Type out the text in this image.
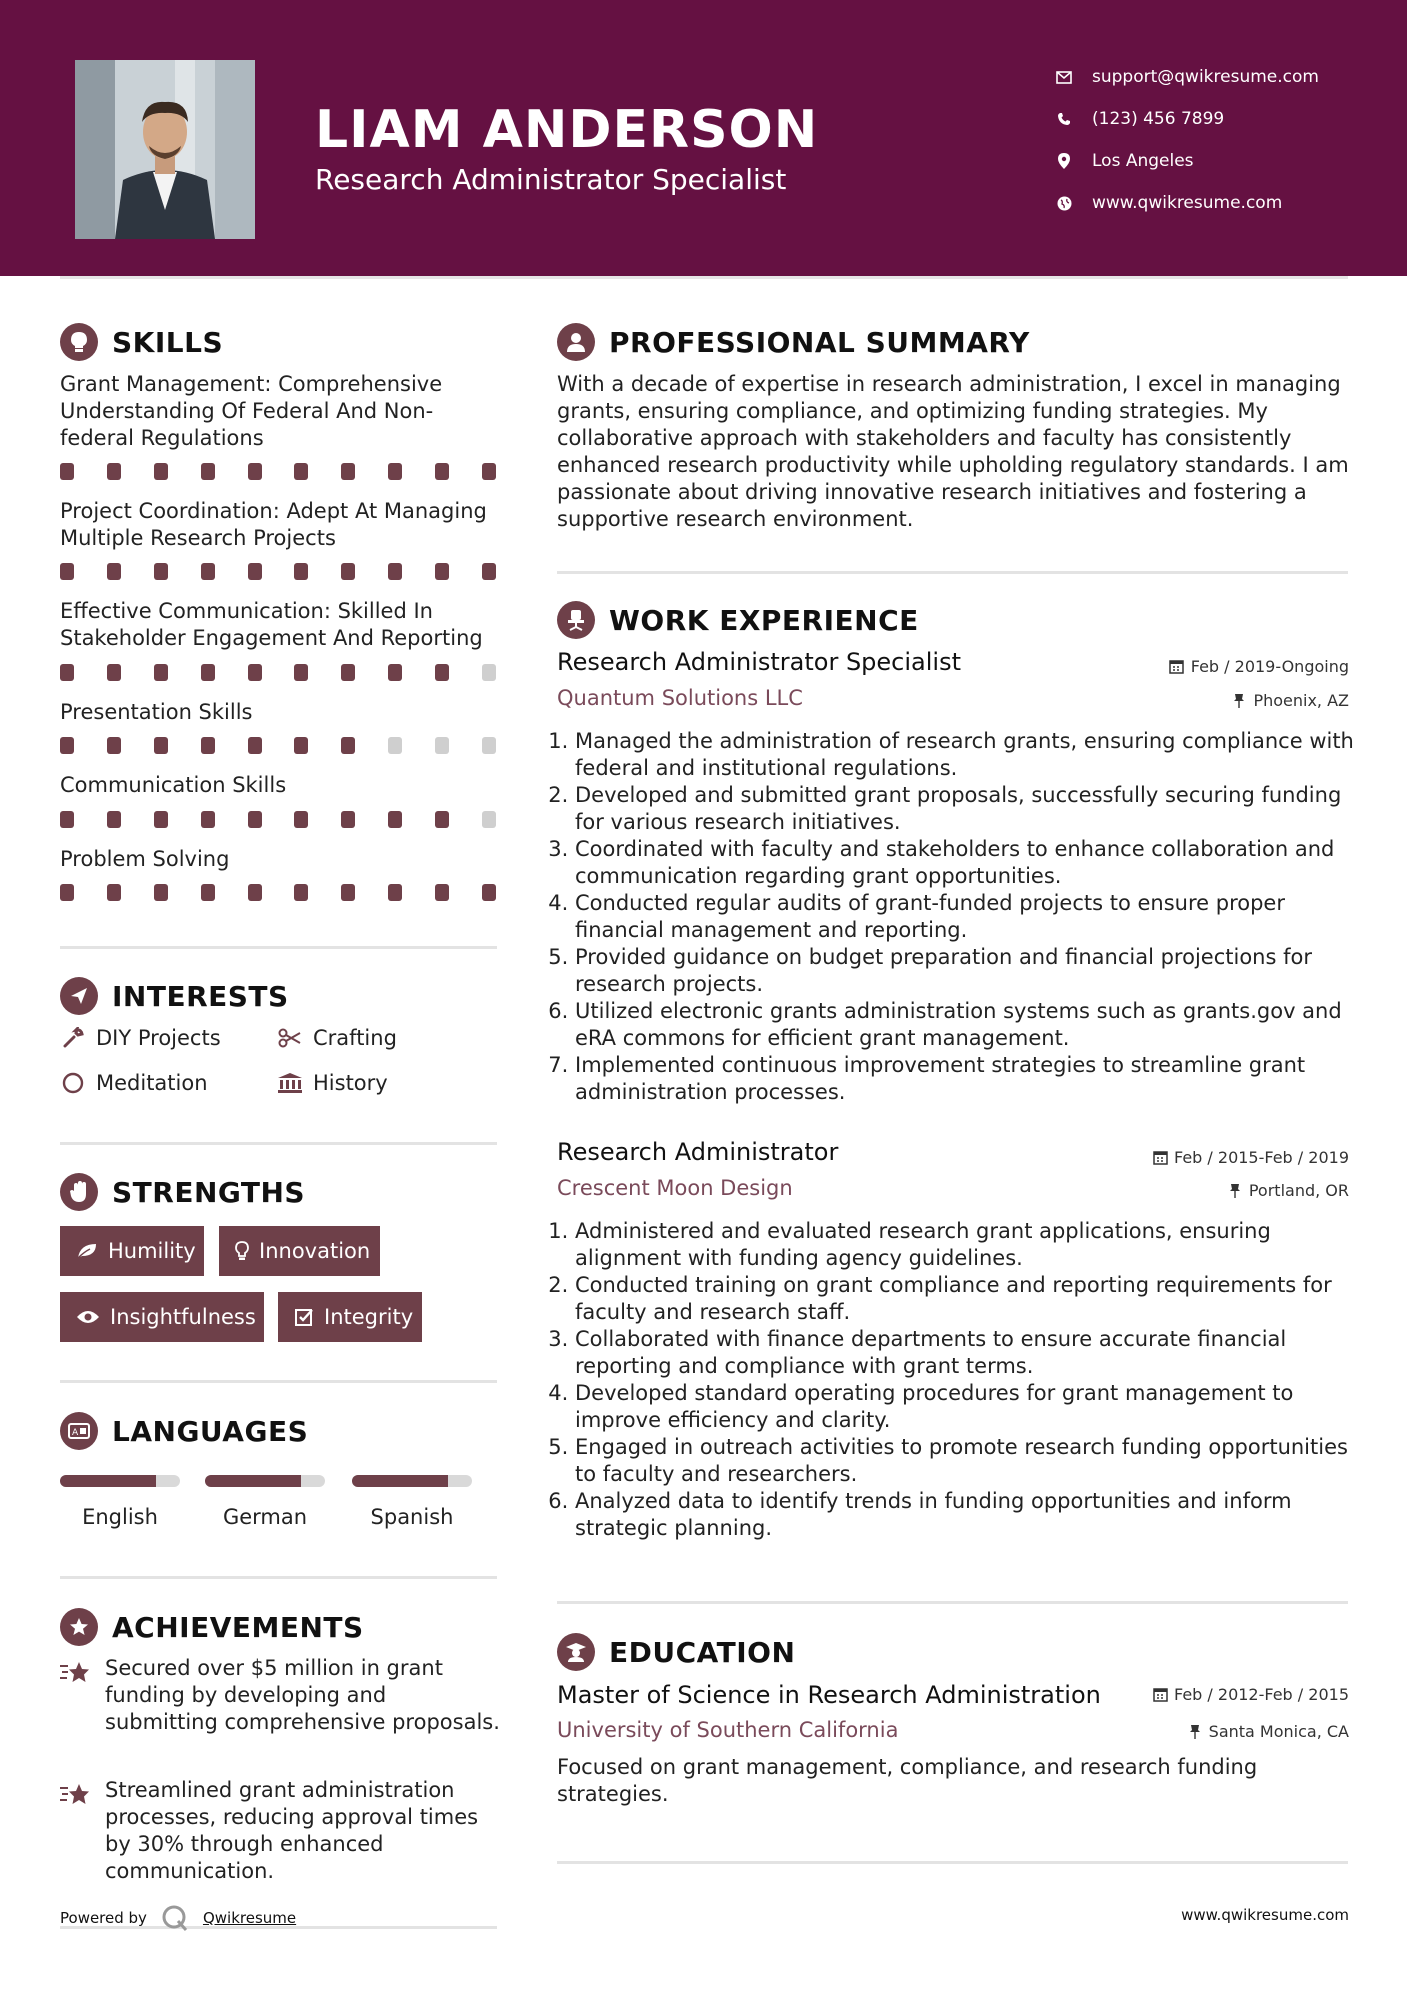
LIAM ANDERSON
Research Administrator Specialist
support@qwikresume.com
(123) 456 7899
Los Angeles
www.qwikresume.com
SKILLS
Grant Management: Comprehensive Understanding Of Federal And Non-federal Regulations
Project Coordination: Adept At Managing Multiple Research Projects
Effective Communication: Skilled In Stakeholder Engagement And Reporting
Presentation Skills
Communication Skills
Problem Solving
INTERESTS
DIY Projects	Crafting
Meditation	History
STRENGTHS
Humility	Innovation
Insightfulness	Integrity
A LANGUAGES
English	German	Spanish
ACHIEVEMENTS
Secured over $5 million in grant funding by developing and submitting comprehensive proposals.
Streamlined grant administration processes, reducing approval times by 30% through enhanced communication.
PROFESSIONAL SUMMARY
With a decade of expertise in research administration, I excel in managing grants, ensuring compliance, and optimizing funding strategies. My collaborative approach with stakeholders and faculty has consistently enhanced research productivity while upholding regulatory standards. I am passionate about driving innovative research initiatives and fostering a supportive research environment.
WORK EXPERIENCE
Research Administrator Specialist	Feb / 2019-Ongoing
Quantum Solutions LLC	Phoenix, AZ
1. Managed the administration of research grants, ensuring compliance with federal and institutional regulations.
2. Developed and submitted grant proposals, successfully securing funding for various research initiatives.
3. Coordinated with faculty and stakeholders to enhance collaboration and communication regarding grant opportunities.
4. Conducted regular audits of grant-funded projects to ensure proper financial management and reporting.
5. Provided guidance on budget preparation and financial projections for research projects.
6. Utilized electronic grants administration systems such as grants.gov and eRA commons for efficient grant management.
7. Implemented continuous improvement strategies to streamline grant administration processes.
Research Administrator	Feb / 2015-Feb / 2019
Crescent Moon Design	Portland, OR
1. Administered and evaluated research grant applications, ensuring alignment with funding agency guidelines.
2. Conducted training on grant compliance and reporting requirements for faculty and research staff.
3. Collaborated with finance departments to ensure accurate financial reporting and compliance with grant terms.
4. Developed standard operating procedures for grant management to improve efficiency and clarity.
5. Engaged in outreach activities to promote research funding opportunities to faculty and researchers.
6. Analyzed data to identify trends in funding opportunities and inform strategic planning.
EDUCATION
Master of Science in Research Administration	Feb / 2012-Feb / 2015
University of Southern California	Santa Monica, CA
Focused on grant management, compliance, and research funding strategies.
Powered by	Qwikresume	www.qwikresume.com
